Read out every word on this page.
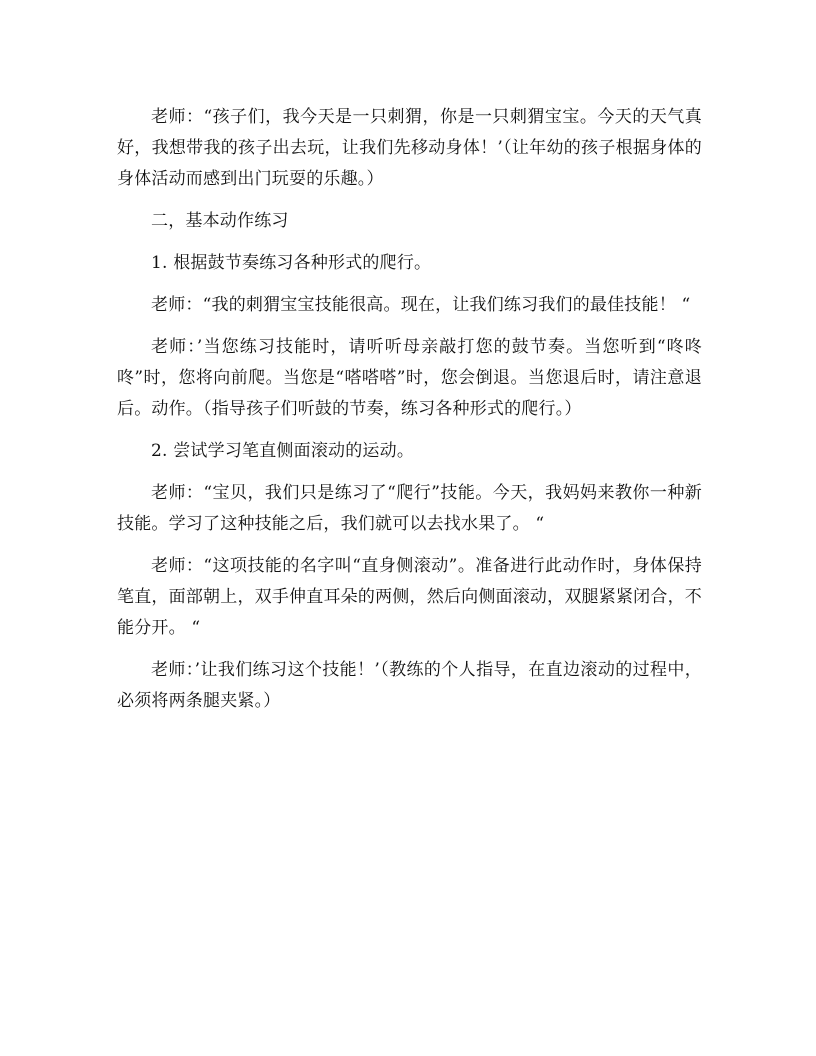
老师：“孩子们，我今天是一只刺猬，你是一只刺猬宝宝。今天的天气真好，我想带我的孩子出去玩，让我们先移动身体！’（让年幼的孩子根据身体的身体活动而感到出门玩耍的乐趣。）

二，基本动作练习

1. 根据鼓节奏练习各种形式的爬行。

老师：“我的刺猬宝宝技能很高。现在，让我们练习我们的最佳技能！ “

老师：’当您练习技能时，请听听母亲敲打您的鼓节奏。当您听到“咚咚咚”时，您将向前爬。当您是“嗒嗒嗒”时，您会倒退。当您退后时，请注意退后。动作。（指导孩子们听鼓的节奏，练习各种形式的爬行。）

2. 尝试学习笔直侧面滚动的运动。

老师：“宝贝，我们只是练习了“爬行”技能。今天，我妈妈来教你一种新技能。学习了这种技能之后，我们就可以去找水果了。 “

老师：“这项技能的名字叫“直身侧滚动”。准备进行此动作时，身体保持笔直，面部朝上，双手伸直耳朵的两侧，然后向侧面滚动，双腿紧紧闭合，不能分开。 “

老师：’让我们练习这个技能！’（教练的个人指导，在直边滚动的过程中，必须将两条腿夹紧。）
